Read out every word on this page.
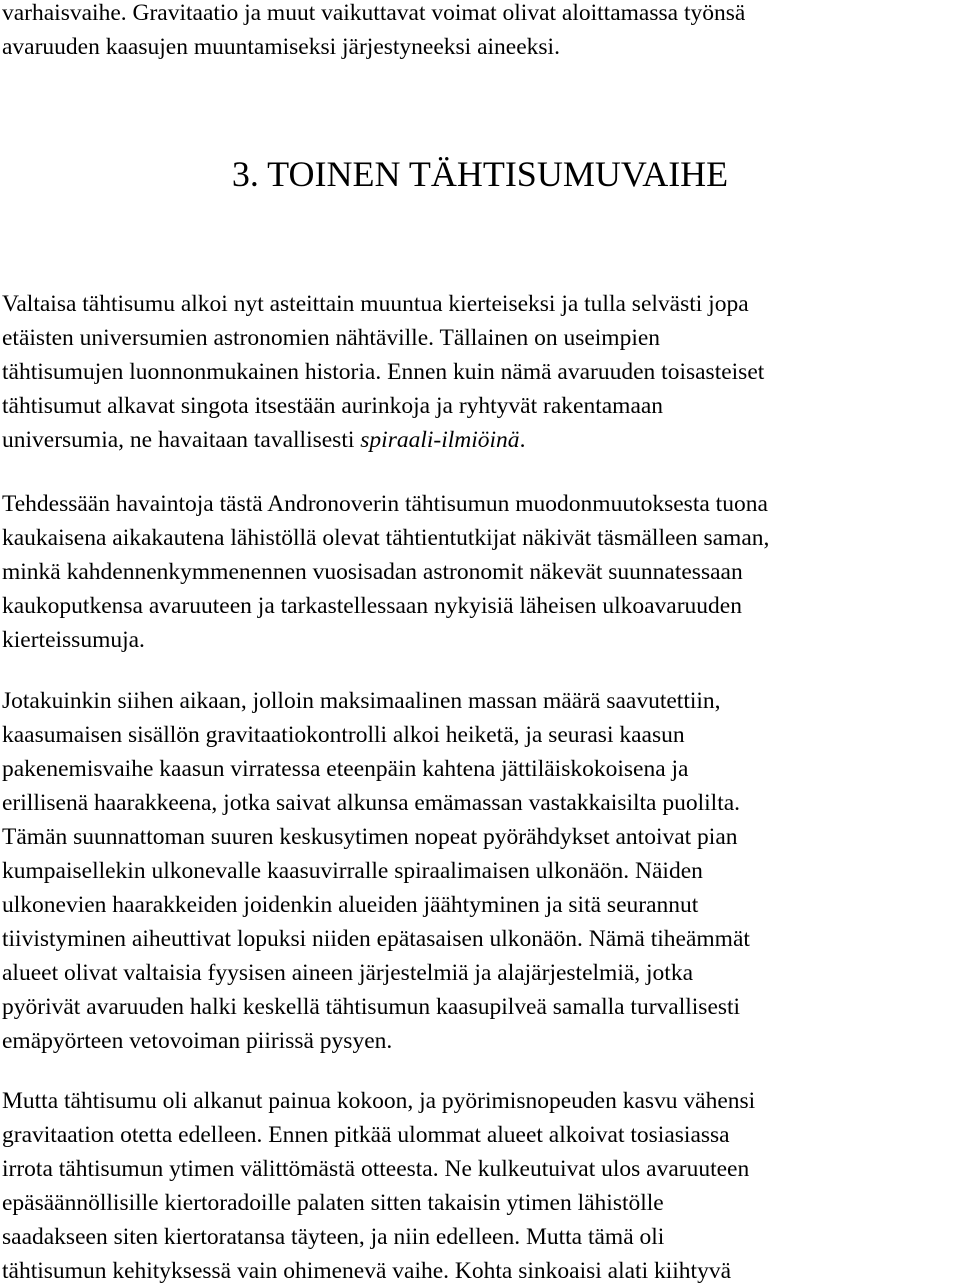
varhaisvaihe. Gravitaatio ja muut vaikuttavat voimat olivat aloittamassa työnsä
avaruuden kaasujen muuntamiseksi järjestyneeksi aineeksi.

3. TOINEN TÄHTISUMUVAIHE

Valtaisa tähtisumu alkoi nyt asteittain muuntua kierteiseksi ja tulla selvästi jopa
etäisten universumien astronomien nähtäville. Tällainen on useimpien
tähtisumujen luonnonmukainen historia. Ennen kuin nämä avaruuden toisasteiset
tähtisumut alkavat singota itsestään aurinkoja ja ryhtyvät rakentamaan
universumia, ne havaitaan tavallisesti spiraali-ilmiöinä.

Tehdessään havaintoja tästä Andronoverin tähtisumun muodonmuutoksesta tuona
kaukaisena aikakautena lähistöllä olevat tähtientutkijat näkivät täsmälleen saman,
minkä kahdennenkymmenennen vuosisadan astronomit näkevät suunnatessaan
kaukoputkensa avaruuteen ja tarkastellessaan nykyisiä läheisen ulkoavaruuden
kierteissumuja.

Jotakuinkin siihen aikaan, jolloin maksimaalinen massan määrä saavutettiin,
kaasumaisen sisällön gravitaatiokontrolli alkoi heiketä, ja seurasi kaasun
pakenemisvaihe kaasun virratessa eteenpäin kahtena jättiläiskokoisena ja
erillisenä haarakkeena, jotka saivat alkunsa emämassan vastakkaisilta puolilta.
Tämän suunnattoman suuren keskusytimen nopeat pyörähdykset antoivat pian
kumpaisellekin ulkonevalle kaasuvirralle spiraalimaisen ulkonäön. Näiden
ulkonevien haarakkeiden joidenkin alueiden jäähtyminen ja sitä seurannut
tiivistyminen aiheuttivat lopuksi niiden epätasaisen ulkonäön. Nämä tiheämmät
alueet olivat valtaisia fyysisen aineen järjestelmiä ja alajärjestelmiä, jotka
pyörivät avaruuden halki keskellä tähtisumun kaasupilveä samalla turvallisesti
emäpyörteen vetovoiman piirissä pysyen.

Mutta tähtisumu oli alkanut painua kokoon, ja pyörimisnopeuden kasvu vähensi
gravitaation otetta edelleen. Ennen pitkää ulommat alueet alkoivat tosiasiassa
irrota tähtisumun ytimen välittömästä otteesta. Ne kulkeutuivat ulos avaruuteen
epäsäännöllisille kiertoradoille palaten sitten takaisin ytimen lähistölle
saadakseen siten kiertoratansa täyteen, ja niin edelleen. Mutta tämä oli
tähtisumun kehityksessä vain ohimenevä vaihe. Kohta sinkoaisi alati kiihtyvä
